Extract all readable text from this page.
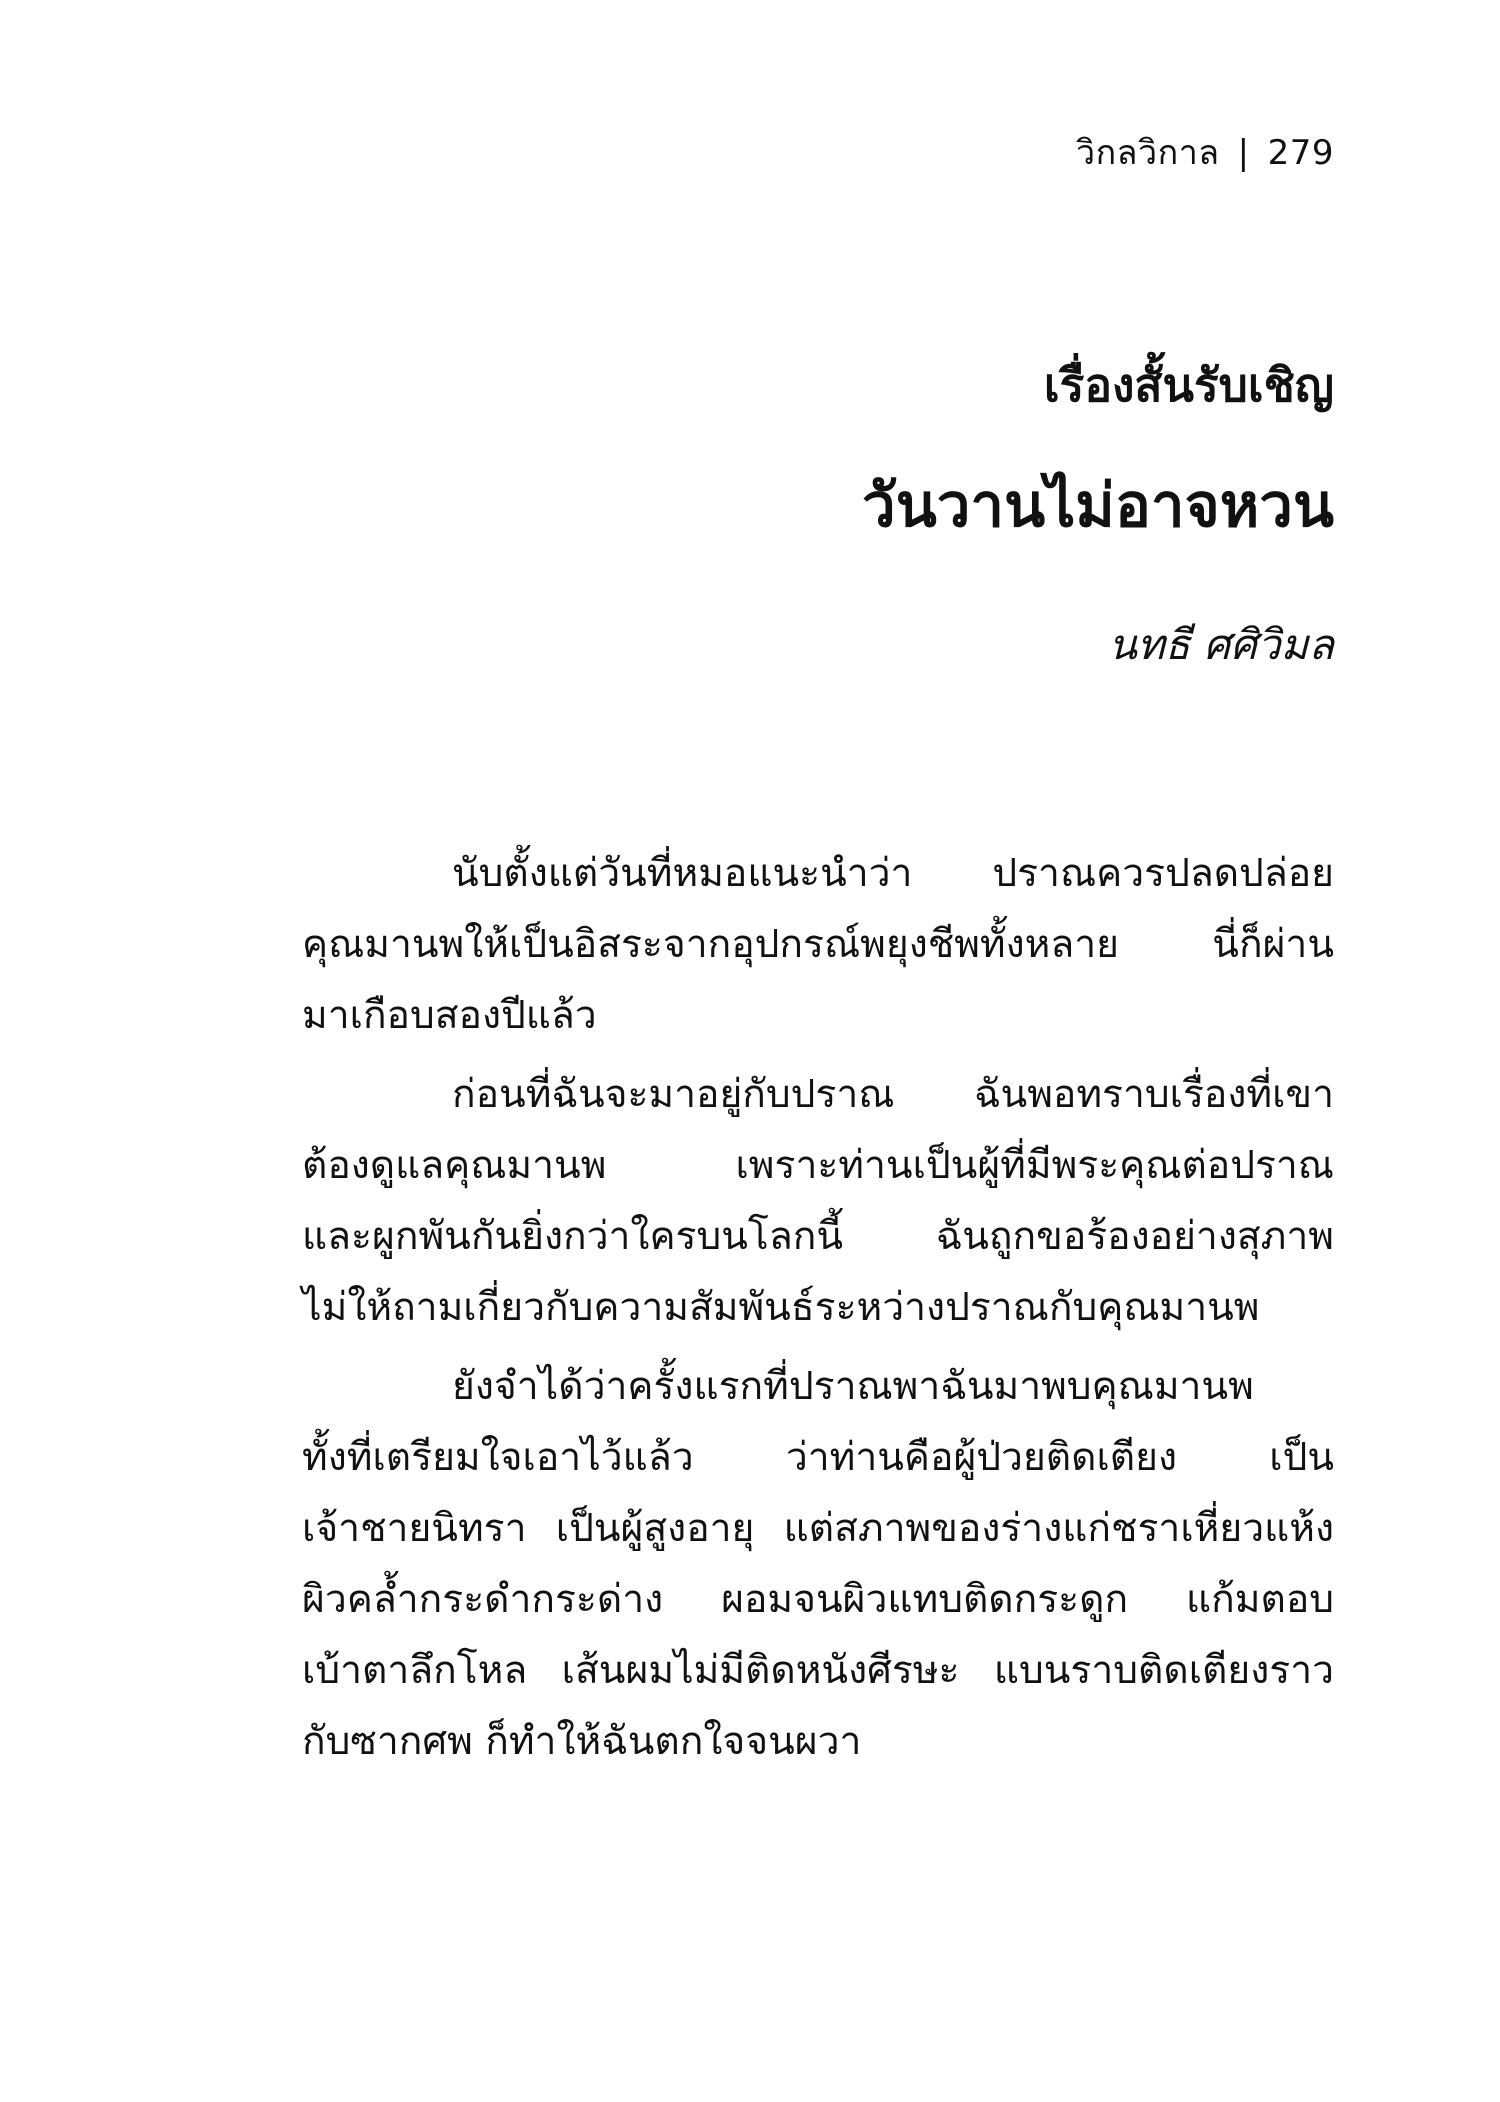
วิกลวิกาล | 279
เรื่องสั้นรับเชิญ
วันวานไม่อาจหวน
นทธี ศศิวิมล

นับตั้งแต่วันที่หมอแนะนำว่า ปราณควรปลดปล่อย
คุณมานพให้เป็นอิสระจากอุปกรณ์พยุงชีพทั้งหลาย นี่ก็ผ่าน
มาเกือบสองปีแล้ว

ก่อนที่ฉันจะมาอยู่กับปราณ ฉันพอทราบเรื่องที่เขา
ต้องดูแลคุณมานพ เพราะท่านเป็นผู้ที่มีพระคุณต่อปราณ
และผูกพันกันยิ่งกว่าใครบนโลกนี้ ฉันถูกขอร้องอย่างสุภาพ
ไม่ให้ถามเกี่ยวกับความสัมพันธ์ระหว่างปราณกับคุณมานพ

ยังจำได้ว่าครั้งแรกที่ปราณพาฉันมาพบคุณมานพ
ทั้งที่เตรียมใจเอาไว้แล้ว ว่าท่านคือผู้ป่วยติดเตียง เป็น
เจ้าชายนิทรา เป็นผู้สูงอายุ แต่สภาพของร่างแก่ชราเหี่ยวแห้ง
ผิวคล้ำกระดำกระด่าง ผอมจนผิวแทบติดกระดูก แก้มตอบ
เบ้าตาลึกโหล เส้นผมไม่มีติดหนังศีรษะ แบนราบติดเตียงราว
กับซากศพ ก็ทำให้ฉันตกใจจนผวา
